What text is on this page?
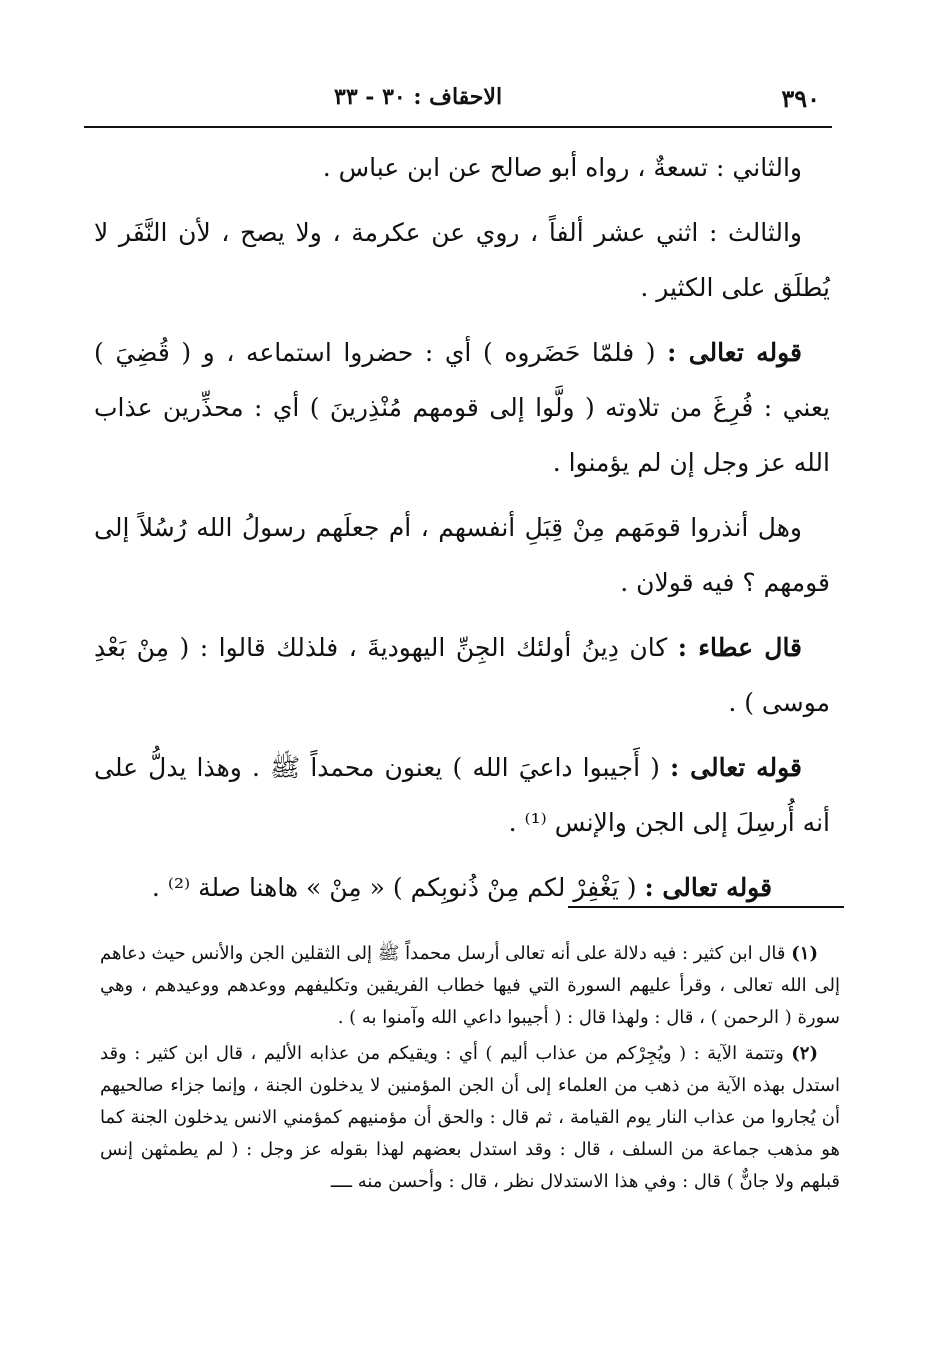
٣٩٠
الاحقاف : ٣٠ - ٣٣

والثاني : تسعةٌ ، رواه أبو صالح عن ابن عباس .

والثالث : اثني عشر ألفاً ، روي عن عكرمة ، ولا يصح ، لأن النَّفَر لا يُطلَق على الكثير .

قوله تعالى : ( فلمّا حَضَروه ) أي : حضروا استماعه ، و ( قُضِيَ ) يعني : فُرِغَ من تلاوته ( ولَّوا إلى قومهم مُنْذِرينَ ) أي : محذِّرين عذاب الله عز وجل إن لم يؤمنوا .

وهل أنذروا قومَهم مِنْ قِبَلِ أنفسهم ، أم جعلَهم رسولُ الله رُسُلاً إلى قومهم ؟ فيه قولان .

قال عطاء : كان دِينُ أولئك الجِنِّ اليهوديةَ ، فلذلك قالوا : ( مِنْ بَعْدِ موسى ) .

قوله تعالى : ( أَجيبوا داعيَ الله ) يعنون محمداً ﷺ . وهذا يدلُّ على أنه أُرسِلَ إلى الجن والإنس ⁽¹⁾ .

قوله تعالى : ( يَغْفِرْ لكم مِنْ ذُنوبِكم ) « مِنْ » هاهنا صلة ⁽²⁾ .

(١) قال ابن كثير : فيه دلالة على أنه تعالى أرسل محمداً ﷺ إلى الثقلين الجن والأنس حيث دعاهم إلى الله تعالى ، وقرأ عليهم السورة التي فيها خطاب الفريقين وتكليفهم ووعدهم ووعيدهم ، وهي سورة ( الرحمن ) ، قال : ولهذا قال : ( أجيبوا داعي الله وآمنوا به ) .

(٢) وتتمة الآية : ( ويُجِرْكم من عذاب أليم ) أي : ويقيكم من عذابه الأليم ، قال ابن كثير : وقد استدل بهذه الآية من ذهب من العلماء إلى أن الجن المؤمنين لا يدخلون الجنة ، وإنما جزاء صالحيهم أن يُجاروا من عذاب النار يوم القيامة ، ثم قال : والحق أن مؤمنيهم كمؤمني الانس يدخلون الجنة كما هو مذهب جماعة من السلف ، قال : وقد استدل بعضهم لهذا بقوله عز وجل : ( لم يطمثهن إنس قبلهم ولا جانٌّ ) قال : وفي هذا الاستدلال نظر ، قال : وأحسن منه ــــ
